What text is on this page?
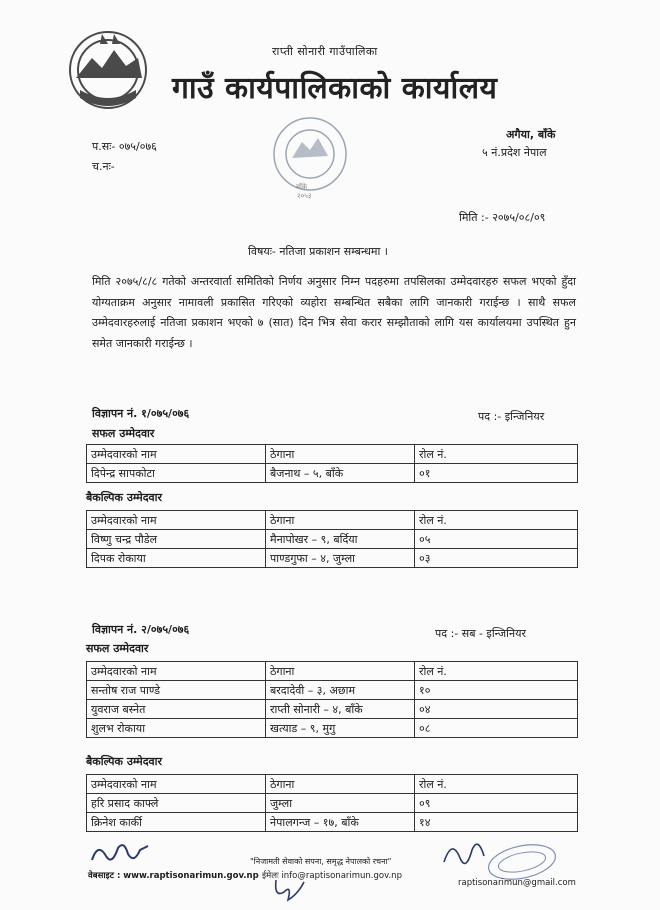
राप्ती सोनारी गाउँपालिका
गाउँ कार्यपालिकाको कार्यालय
प.सः- ०७५/०७६
च.नः-
अगैया, बाँके
५ नं.प्रदेश नेपाल
बाँके
२०५३
मिति :- २०७५/०८/०९
विषयः- नतिजा प्रकाशन सम्बन्धमा ।
मिति २०७५/८/८ गतेको अन्तरवार्ता समितिको निर्णय अनुसार निम्न पदहरुमा तपसिलका उम्मेदवारहरु सफल भएको हुँदा योग्यताक्रम अनुसार नामावली प्रकासित गरिएको व्यहोरा सम्बन्धित सबैका लागि जानकारी गराईन्छ । साथै सफल उम्मेदवारहरुलाई नतिजा प्रकाशन भएको ७ (सात) दिन भित्र सेवा करार सम्झौताको लागि यस कार्यालयमा उपस्थित हुन समेत जानकारी गराईन्छ ।
विज्ञापन नं. १/०७५/०७६	पद :- इन्जिनियर
सफल उम्मेदवार
उम्मेदवारको नाम	ठेगाना	रोल नं.
दिपेन्द्र सापकोटा	बैजनाथ – ५, बाँके	०१
बैकल्पिक उम्मेदवार
उम्मेदवारको नाम	ठेगाना	रोल नं.
विष्णु चन्द्र पौडेल	मैनापोखर – ९, बर्दिया	०५
दिपक रोकाया	पाण्डगुफा – ४, जुम्ला	०३
विज्ञापन नं. २/०७५/०७६	पद :- सब - इन्जिनियर
सफल उम्मेदवार
उम्मेदवारको नाम	ठेगाना	रोल नं.
सन्तोष राज पाण्डे	बरदादेवी – ३, अछाम	१०
युवराज बस्नेत	राप्ती सोनारी – ४, बाँके	०४
शुलभ रोकाया	खत्याड – ९, मुगु	०८
बैकल्पिक उम्मेदवार
उम्मेदवारको नाम	ठेगाना	रोल नं.
हरि प्रसाद काफ्ले	जुम्ला	०९
क्रिनेश कार्की	नेपालगन्ज – १७, बाँके	१४
"निजामती सेवाको सपना, समृद्ध नेपालको रचना"
वेबसाइट : www.raptisonarimun.gov.np ईमेलः info@raptisonarimun.gov.np
raptisonarimun@gmail.com
